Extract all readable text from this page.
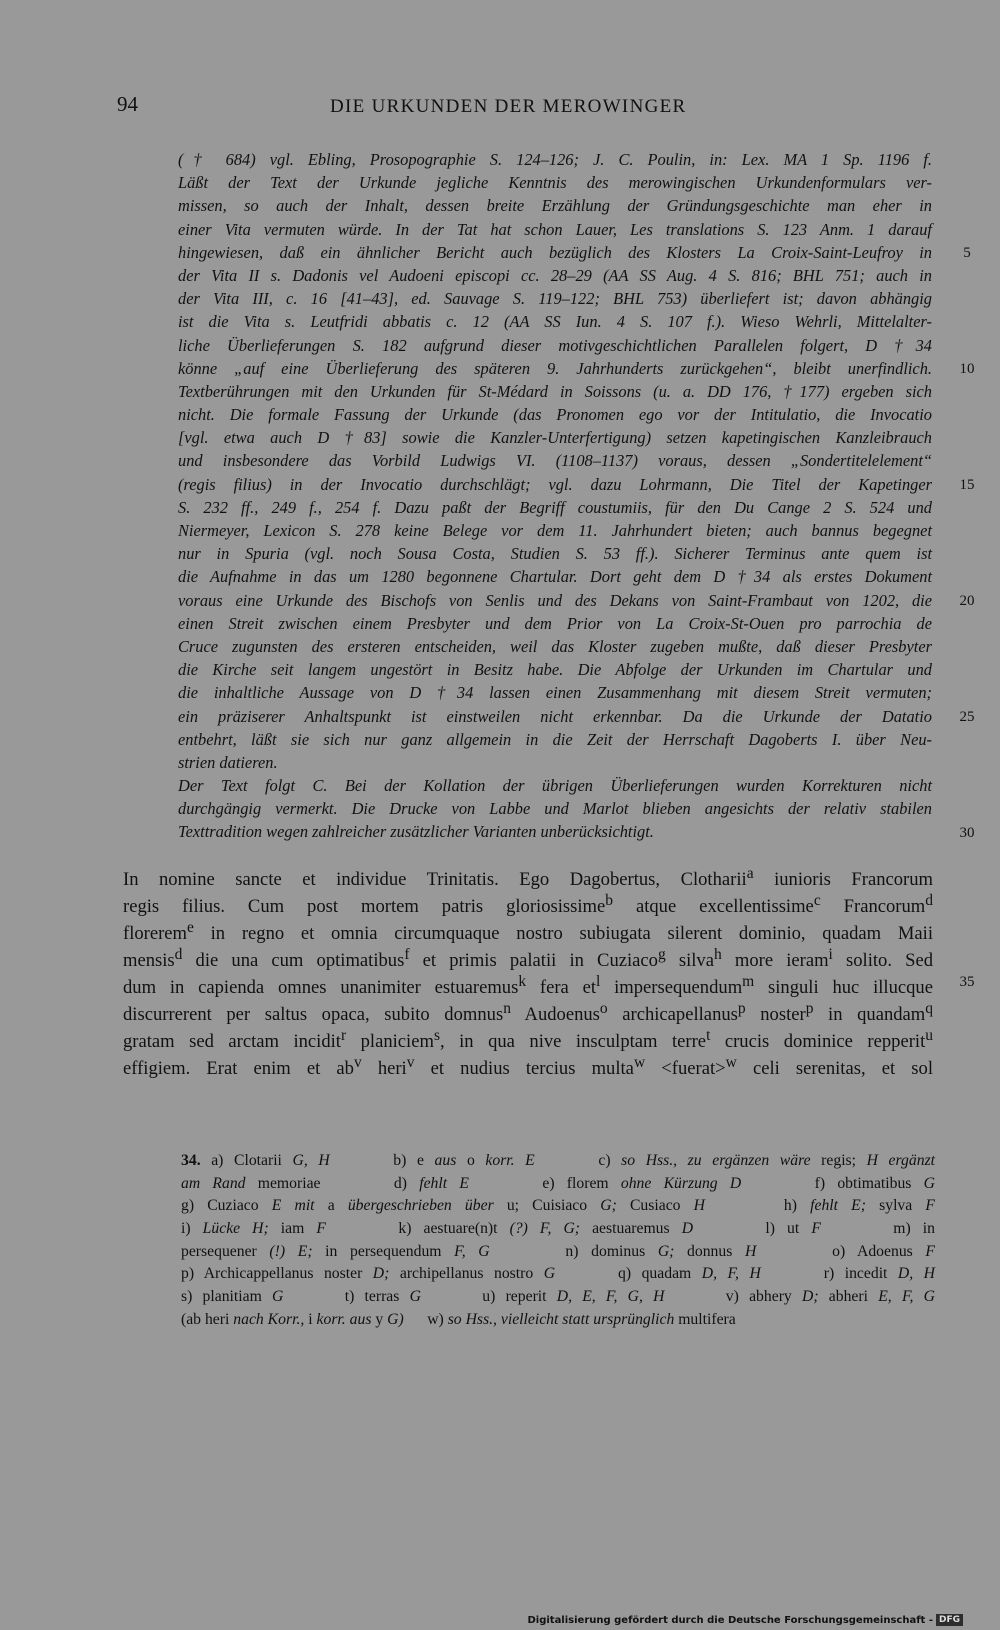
94	DIE URKUNDEN DER MEROWINGER
(† 684) vgl. Ebling, Prosopographie S. 124–126; J. C. Poulin, in: Lex. MA 1 Sp. 1196 f.
Läßt der Text der Urkunde jegliche Kenntnis des merowingischen Urkundenformulars ver-
missen, so auch der Inhalt, dessen breite Erzählung der Gründungsgeschichte man eher in
einer Vita vermuten würde. In der Tat hat schon Lauer, Les translations S. 123 Anm. 1 darauf
hingewiesen, daß ein ähnlicher Bericht auch bezüglich des Klosters La Croix-Saint-Leufroy in
der Vita II s. Dadonis vel Audoeni episcopi cc. 28–29 (AA SS Aug. 4 S. 816; BHL 751; auch in
der Vita III, c. 16 [41–43], ed. Sauvage S. 119–122; BHL 753) überliefert ist; davon abhängig
ist die Vita s. Leutfridi abbatis c. 12 (AA SS Iun. 4 S. 107 f.). Wieso Wehrli, Mittelalter-
liche Überlieferungen S. 182 aufgrund dieser motivgeschichtlichen Parallelen folgert, D †34
könne „auf eine Überlieferung des späteren 9. Jahrhunderts zurückgehen“, bleibt unerfindlich.
Textberührungen mit den Urkunden für St-Médard in Soissons (u. a. DD 176, †177) ergeben sich
nicht. Die formale Fassung der Urkunde (das Pronomen ego vor der Intitulatio, die Invocatio
[vgl. etwa auch D †83] sowie die Kanzler-Unterfertigung) setzen kapetingischen Kanzleibrauch
und insbesondere das Vorbild Ludwigs VI. (1108–1137) voraus, dessen „Sondertitelelement“
(regis filius) in der Invocatio durchschlägt; vgl. dazu Lohrmann, Die Titel der Kapetinger
S. 232 ff., 249 f., 254 f. Dazu paßt der Begriff coustumiis, für den Du Cange 2 S. 524 und
Niermeyer, Lexicon S. 278 keine Belege vor dem 11. Jahrhundert bieten; auch bannus begegnet
nur in Spuria (vgl. noch Sousa Costa, Studien S. 53 ff.). Sicherer Terminus ante quem ist
die Aufnahme in das um 1280 begonnene Chartular. Dort geht dem D †34 als erstes Dokument
voraus eine Urkunde des Bischofs von Senlis und des Dekans von Saint-Frambaut von 1202, die
einen Streit zwischen einem Presbyter und dem Prior von La Croix-St-Ouen pro parrochia de
Cruce zugunsten des ersteren entscheiden, weil das Kloster zugeben mußte, daß dieser Presbyter
die Kirche seit langem ungestört in Besitz habe. Die Abfolge der Urkunden im Chartular und
die inhaltliche Aussage von D †34 lassen einen Zusammenhang mit diesem Streit vermuten;
ein präziserer Anhaltspunkt ist einstweilen nicht erkennbar. Da die Urkunde der Datatio
entbehrt, läßt sie sich nur ganz allgemein in die Zeit der Herrschaft Dagoberts I. über Neu-
strien datieren.
Der Text folgt C. Bei der Kollation der übrigen Überlieferungen wurden Korrekturen nicht
durchgängig vermerkt. Die Drucke von Labbe und Marlot blieben angesichts der relativ stabilen
Texttradition wegen zahlreicher zusätzlicher Varianten unberücksichtigt.
In nomine sancte et individue Trinitatis. Ego Dagobertus, Clotharii$^a$ iunioris Francorum
regis filius. Cum post mortem patris gloriosissime$^b$ atque excellentissime$^c$ Francorum$^d$
florerem$^e$ in regno et omnia circumquaque nostro subiugata silerent dominio, quadam Maii
mensis$^d$ die una cum optimatibus$^f$ et primis palatii in Cuziaco$^g$ silva$^h$ more ieram$^i$ solito. Sed
dum in capienda omnes unanimiter estuaremus$^k$ fera $et^l$ impersequendum$^m$ singuli huc illucque
discurrerent per saltus opaca, subito domnus$^n$ Audoenus$^o$ archicapellanus$^p$ noster$^p$ in quandam$^q$
gratam sed arctam incidit$^r$ planiciem$^s$, in qua nive insculptam terre$^t$ crucis dominice repperit$^u$
effigiem. Erat enim et $ab^v$ heri$^v$ et nudius tercius multa$^w$ <fuerat>$^w$ celi serenitas, et sol
34. a) Clotarii G, H      b) e aus o korr. E      c) so Hss., zu ergänzen wäre regis; H ergänzt
am Rand memoriae      d) fehlt E      e) florem ohne Kürzung D      f) obtimatibus G
g) Cuziaco E mit a übergeschrieben über u; Cuisiaco G; Cusiaco H      h) fehlt E; sylva F
i) Lücke H; iam F      k) aestuare(n)t (?) F, G; aestuaremus D      l) ut F      m) in
persequener (!) E; in persequendum F, G      n) dominus G; donnus H      o) Adoenus F
p) Archicappellanus noster D; archipellanus nostro G      q) quadam D, F, H      r) incedit D, H
s) planitiam G      t) terras G      u) reperit D, E, F, G, H      v) abhery D; abheri E, F, G
(ab heri nach Korr., i korr. aus y G)      w) so Hss., vielleicht statt ursprünglich multifera
Digitalisierung gefördert durch die Deutsche Forschungsgemeinschaft - DFG
5
10
15
20
25
30
35
